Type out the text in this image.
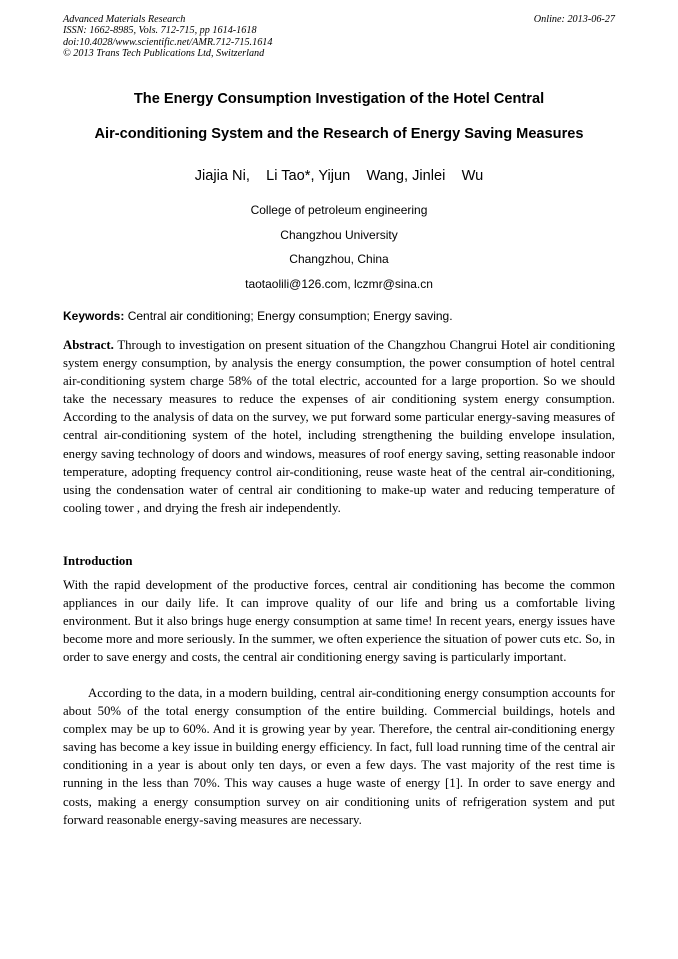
Advanced Materials Research
ISSN: 1662-8985, Vols. 712-715, pp 1614-1618
doi:10.4028/www.scientific.net/AMR.712-715.1614
© 2013 Trans Tech Publications Ltd, Switzerland
Online: 2013-06-27
The Energy Consumption Investigation of the Hotel Central
Air-conditioning System and the Research of Energy Saving Measures
Jiajia Ni,    Li Tao*, Yijun    Wang, Jinlei    Wu
College of petroleum engineering
Changzhou University
Changzhou, China
taotaolili@126.com, lczmr@sina.cn
Keywords: Central air conditioning; Energy consumption; Energy saving.
Abstract. Through to investigation on present situation of the Changzhou Changrui Hotel air conditioning system energy consumption, by analysis the energy consumption, the power consumption of hotel central air-conditioning system charge 58% of the total electric, accounted for a large proportion. So we should take the necessary measures to reduce the expenses of air conditioning system energy consumption. According to the analysis of data on the survey, we put forward some particular energy-saving measures of central air-conditioning system of the hotel, including strengthening the building envelope insulation, energy saving technology of doors and windows, measures of roof energy saving, setting reasonable indoor temperature, adopting frequency control air-conditioning, reuse waste heat of the central air-conditioning, using the condensation water of central air conditioning to make-up water and reducing temperature of cooling tower , and drying the fresh air independently.
Introduction
With the rapid development of the productive forces, central air conditioning has become the common appliances in our daily life. It can improve quality of our life and bring us a comfortable living environment. But it also brings huge energy consumption at same time! In recent years, energy issues have become more and more seriously. In the summer, we often experience the situation of power cuts etc. So, in order to save energy and costs, the central air conditioning energy saving is particularly important.
According to the data, in a modern building, central air-conditioning energy consumption accounts for about 50% of the total energy consumption of the entire building. Commercial buildings, hotels and complex may be up to 60%. And it is growing year by year. Therefore, the central air-conditioning energy saving has become a key issue in building energy efficiency. In fact, full load running time of the central air conditioning in a year is about only ten days, or even a few days. The vast majority of the rest time is running in the less than 70%. This way causes a huge waste of energy [1]. In order to save energy and costs, making a energy consumption survey on air conditioning units of refrigeration system and put forward reasonable energy-saving measures are necessary.
